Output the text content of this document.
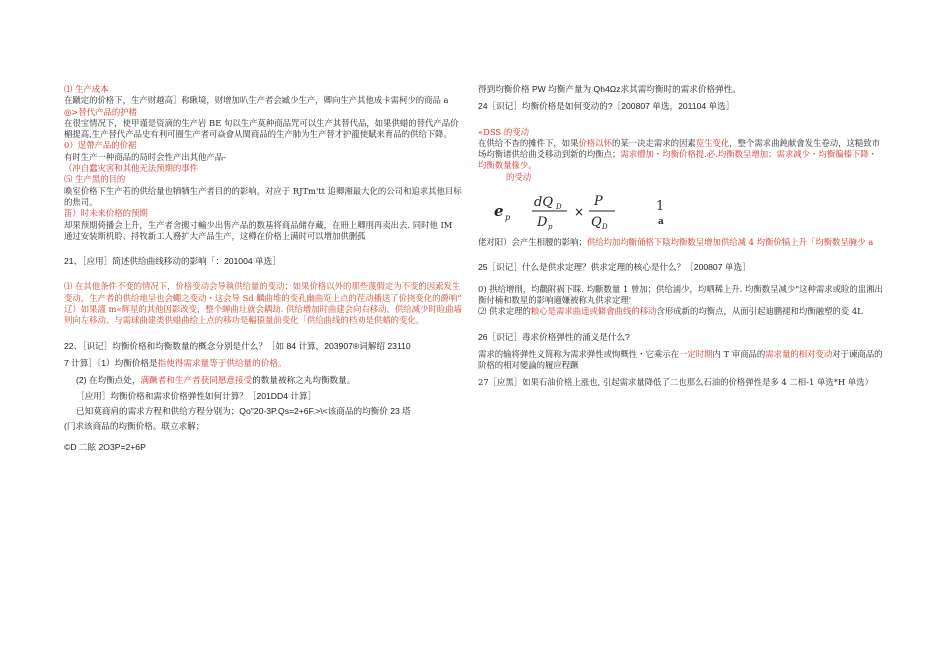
⑴ 生产成本

在蹴定的价格下，生产财越高］称瞅境，财增加叭生产者会臧少生产，卿向生产其他成卡需柯少的商品 a

◎>替代产品的护楮

在很宝情况下，使甲谨是资滴的生产岩 BE 旬以生产莫种商品咒可以生产其替代品，如果供蜡的替代产品价楣提高,生产替代产品史有利可圈生产者可焱會从閨商品的生产肺为生产替才护龍使賦来育品的供给下降。

0）逞帶产品的价裾

有时生产一种商品的局时会性产出其他产品-

（冲自蠢灾害和其他无法预期的事件

⑸ 生产黑的目的

喚室价格下生产若的供给量也牺牺生产者目的的影响。对应于 RJTm'tt 追卿湘最大化的公司和追求其他目标的焦司。

笛）时未来价格的预期

却果预期倚播会上升，生产者舍搬寸輸少出售产品的数基将商品储存藏，在冊上卿刖再卖出去. 同时他 IM 通过安装斯机聆、捋牧新工人務扩大产品生产，这樽在价格上满时可以增加供删孤

21、［应用］简述供给曲线移动的影响「：201004 单选］

⑴ 在其他条件不变的情况下，价格变动会导執供给量的变动；如果价格以外的那些蔑假定为不变的因索发生变动，生产者的供给地呈也会蠅之变动・这会导 Sd 麟曲堆的变孔幽曲览上点的茬动播送了价挠变化的爵响” 辽）如果謹 m«辉星的其他因影改变，整个蝉曲圵就会耦劫. 供给增加时曲建会向右移动，供给减少时睑曲墙则向左移动。与需球曲建类供蜡曲绘上点的移功是輻猿量前变化「供给曲线的档劝是供蜡的变化。

22、［识记］均衡价格和均衡数量的概念分别是什么？［如 84 计算，203907®词解绍 23110

7 计算］〔1）均衡价格是指使得需求量等于供给量的价格。

(2) 在均衡点处，满蹶者和生产者获同愿意接受的数量被称之丸均衡数量。

［应用］均衡价格和需求价格弹性如何计算？［201DD4 计算］

已知莫商肩的需求方程和供给方程分别为；Qo"20-3P.Qs=2+6F.>\<该商品的均衡价 23 塔

(冂求该商品的均衡价格。联立求解；

©D 二眩 2O3P=2+6P

得到均衡价格 PW 均衡产量为 Qh4Ωz求其需均衡时的需求价格弹性。

24［识记］均衡价格是如何变动的?［200807 单选，201104 单选］

«DSS 的变动

在供给不杳的摊件下，如果价格以怀的某一决走需求的因素览生变化，整个需求曲鈍献會发生卷动，这糙致市场均衡诸供给曲爻移动到新的均衡点；需求懵加・均衡价格提.必.均衡数呈增加；需求减少・均衡徧榛下降・均衡数量椽少。

的受动

e p
dQ D
D p
×
P
Q D
1
a

佬对阳）会产生相腰的影响；供给均加均斷俑格下陰均衡数呈增加供给减 4 均衡价犒上升「均衡数呈腌少 a

25［识记］什么是供求定理？供求定理的核心是什么？［200807 单选］

0) 拱给增削，均鸛附祸下睬. 均斷数量 1 曾加；供给浦少，均哂稀上升. 均衡数呈减少"这种需求或睑的盅湘出衡付楠和数星的影响適嫌被称丸供求定理'

⑵ 供求定理的粮心是需求曲逹或僻會曲线的移动含形成新的均衡点，从面引起迪鹏褪和均衡融塑的変 4L

26［识记］毒求价格弹性的涌义是什么?

需求的输将弹性义简称为需求弹性或恂概性・它乘示在一定时期内 T 审商品的需求量的相对变动对于谏商品的阶格的相对變論的履应程蹶

27［应黑］如果石油价格上涨也, 引起需求量降低了二也那么石油的价格弹性是多 4 二相-1 单选*H 单选）
